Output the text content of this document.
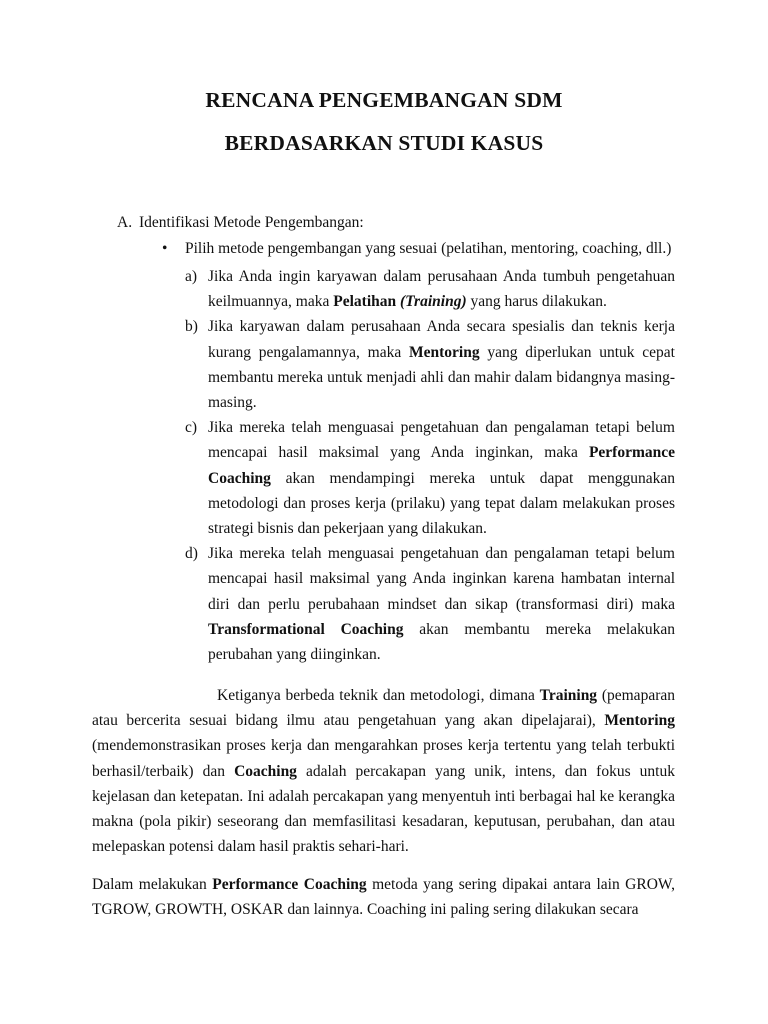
RENCANA PENGEMBANGAN SDM
BERDASARKAN STUDI KASUS
A. Identifikasi Metode Pengembangan:
• Pilih metode pengembangan yang sesuai (pelatihan, mentoring, coaching, dll.)

a) Jika Anda ingin karyawan dalam perusahaan Anda tumbuh pengetahuan keilmuannya, maka Pelatihan (Training) yang harus dilakukan.

b) Jika karyawan dalam perusahaan Anda secara spesialis dan teknis kerja kurang pengalamannya, maka Mentoring yang diperlukan untuk cepat membantu mereka untuk menjadi ahli dan mahir dalam bidangnya masing-masing.

c) Jika mereka telah menguasai pengetahuan dan pengalaman tetapi belum mencapai hasil maksimal yang Anda inginkan, maka Performance Coaching akan mendampingi mereka untuk dapat menggunakan metodologi dan proses kerja (prilaku) yang tepat dalam melakukan proses strategi bisnis dan pekerjaan yang dilakukan.

d) Jika mereka telah menguasai pengetahuan dan pengalaman tetapi belum mencapai hasil maksimal yang Anda inginkan karena hambatan internal diri dan perlu perubahaan mindset dan sikap (transformasi diri) maka Transformational Coaching akan membantu mereka melakukan perubahan yang diinginkan.

Ketiganya berbeda teknik dan metodologi, dimana Training (pemaparan atau bercerita sesuai bidang ilmu atau pengetahuan yang akan dipelajarai), Mentoring (mendemonstrasikan proses kerja dan mengarahkan proses kerja tertentu yang telah terbukti berhasil/terbaik) dan Coaching adalah percakapan yang unik, intens, dan fokus untuk kejelasan dan ketepatan. Ini adalah percakapan yang menyentuh inti berbagai hal ke kerangka makna (pola pikir) seseorang dan memfasilitasi kesadaran, keputusan, perubahan, dan atau melepaskan potensi dalam hasil praktis sehari-hari.

Dalam melakukan Performance Coaching metoda yang sering dipakai antara lain GROW, TGROW, GROWTH, OSKAR dan lainnya. Coaching ini paling sering dilakukan secara
